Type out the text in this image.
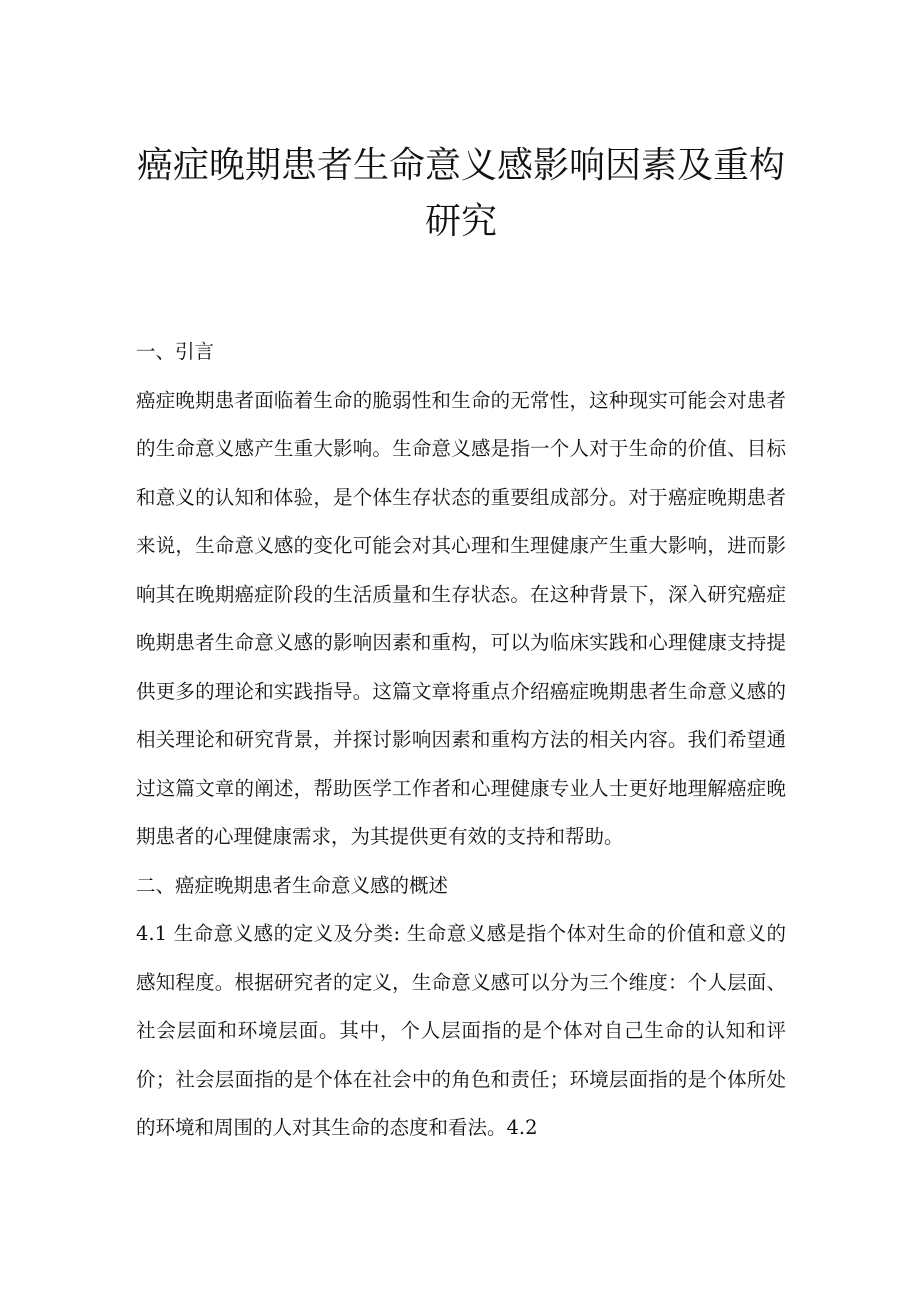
癌症晚期患者生命意义感影响因素及重构
研究
一、引言

癌症晚期患者面临着生命的脆弱性和生命的无常性，这种现实可能会对患者的生命意义感产生重大影响。生命意义感是指一个人对于生命的价值、目标和意义的认知和体验，是个体生存状态的重要组成部分。对于癌症晚期患者来说，生命意义感的变化可能会对其心理和生理健康产生重大影响，进而影响其在晚期癌症阶段的生活质量和生存状态。在这种背景下，深入研究癌症晚期患者生命意义感的影响因素和重构，可以为临床实践和心理健康支持提供更多的理论和实践指导。这篇文章将重点介绍癌症晚期患者生命意义感的相关理论和研究背景，并探讨影响因素和重构方法的相关内容。我们希望通过这篇文章的阐述，帮助医学工作者和心理健康专业人士更好地理解癌症晚期患者的心理健康需求，为其提供更有效的支持和帮助。

二、癌症晚期患者生命意义感的概述

4.1 生命意义感的定义及分类: 生命意义感是指个体对生命的价值和意义的感知程度。根据研究者的定义，生命意义感可以分为三个维度：个人层面、社会层面和环境层面。其中，个人层面指的是个体对自己生命的认知和评价；社会层面指的是个体在社会中的角色和责任；环境层面指的是个体所处的环境和周围的人对其生命的态度和看法。4.2
